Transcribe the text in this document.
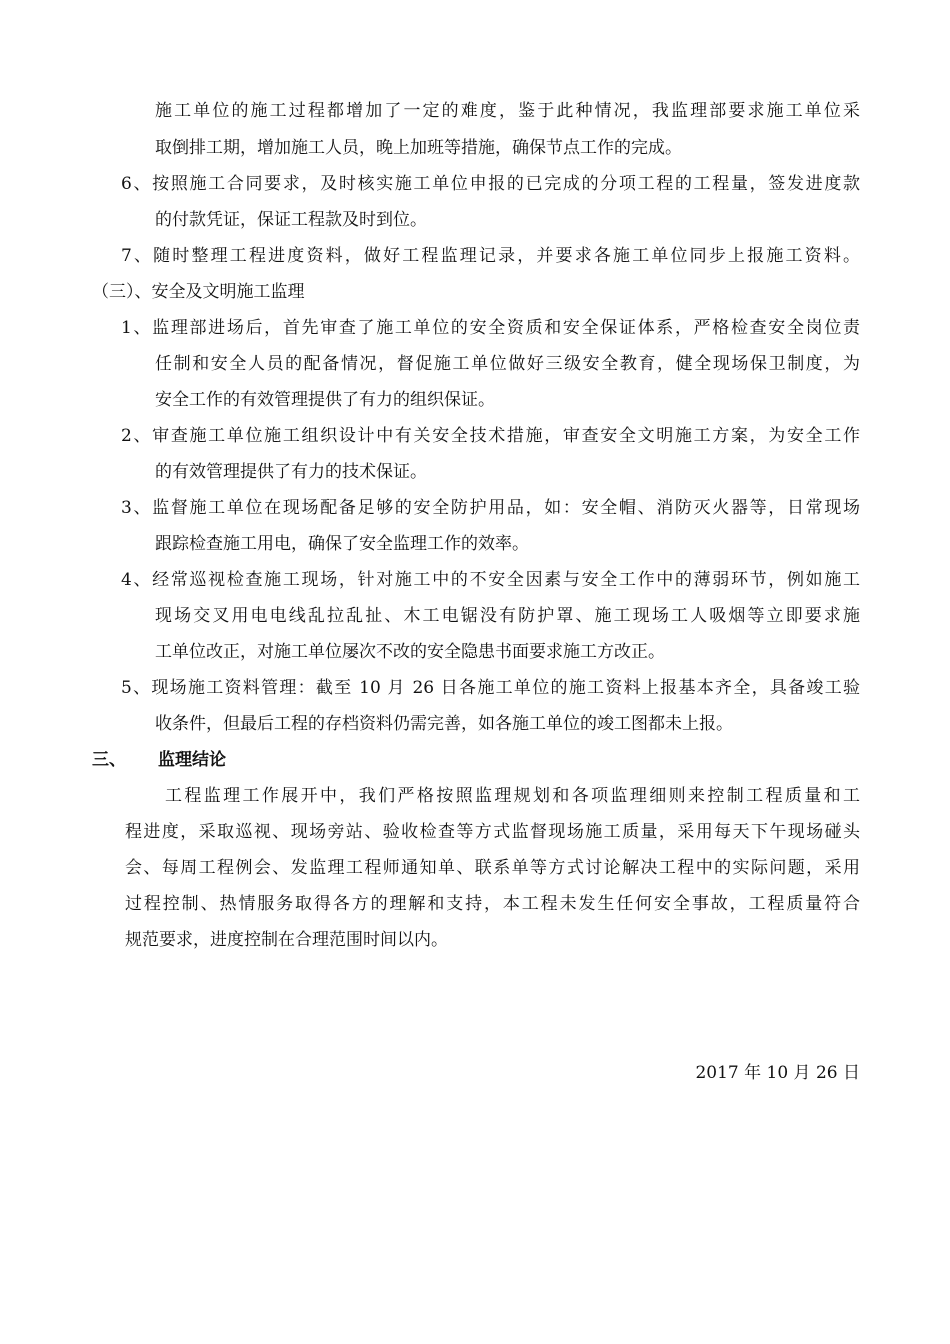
施工单位的施工过程都增加了一定的难度，鉴于此种情况，我监理部要求施工单位采
取倒排工期，增加施工人员，晚上加班等措施，确保节点工作的完成。
6、按照施工合同要求，及时核实施工单位申报的已完成的分项工程的工程量，签发进度款
的付款凭证，保证工程款及时到位。
7、随时整理工程进度资料，做好工程监理记录，并要求各施工单位同步上报施工资料。
（三）、安全及文明施工监理
1、监理部进场后，首先审查了施工单位的安全资质和安全保证体系，严格检查安全岗位责
任制和安全人员的配备情况，督促施工单位做好三级安全教育，健全现场保卫制度，为
安全工作的有效管理提供了有力的组织保证。
2、审查施工单位施工组织设计中有关安全技术措施，审查安全文明施工方案，为安全工作
的有效管理提供了有力的技术保证。
3、监督施工单位在现场配备足够的安全防护用品，如：安全帽、消防灭火器等，日常现场
跟踪检查施工用电，确保了安全监理工作的效率。
4、经常巡视检查施工现场，针对施工中的不安全因素与安全工作中的薄弱环节，例如施工
现场交叉用电电线乱拉乱扯、木工电锯没有防护罩、施工现场工人吸烟等立即要求施
工单位改正，对施工单位屡次不改的安全隐患书面要求施工方改正。
5、现场施工资料管理：截至 10 月 26 日各施工单位的施工资料上报基本齐全，具备竣工验
收条件，但最后工程的存档资料仍需完善，如各施工单位的竣工图都未上报。
三、	监理结论
工程监理工作展开中，我们严格按照监理规划和各项监理细则来控制工程质量和工
程进度，采取巡视、现场旁站、验收检查等方式监督现场施工质量，采用每天下午现场碰头
会、每周工程例会、发监理工程师通知单、联系单等方式讨论解决工程中的实际问题，采用
过程控制、热情服务取得各方的理解和支持，本工程未发生任何安全事故，工程质量符合
规范要求，进度控制在合理范围时间以内。
2017 年 10 月 26 日
